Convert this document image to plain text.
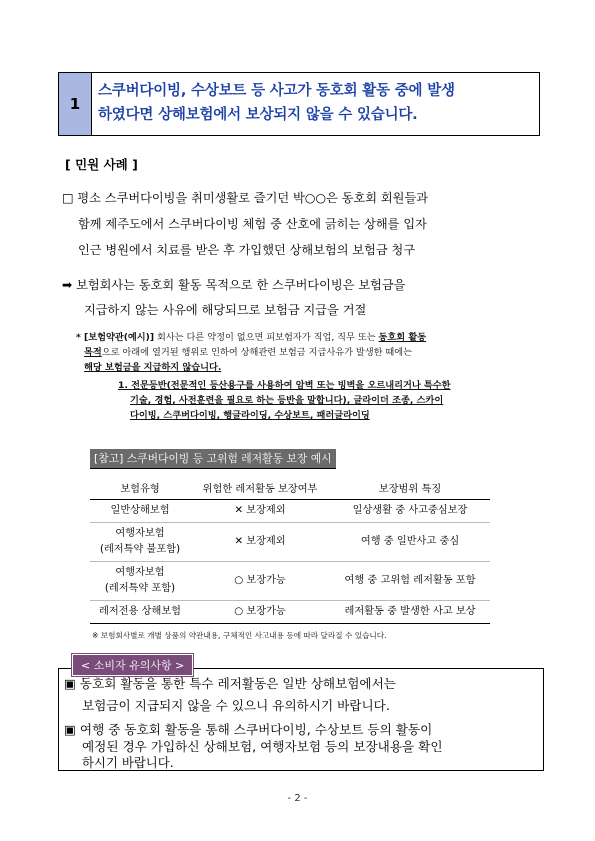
1
스쿠버다이빙, 수상보트 등 사고가 동호회 활동 중에 발생
하였다면 상해보험에서 보상되지 않을 수 있습니다.
[ 민원 사례 ]
□ 평소 스쿠버다이빙을 취미생활로 즐기던 박○○은 동호회 회원들과
함께 제주도에서 스쿠버다이빙 체험 중 산호에 긁히는 상해를 입자
인근 병원에서 치료를 받은 후 가입했던 상해보험의 보험금 청구
➡ 보험회사는 동호회 활동 목적으로 한 스쿠버다이빙은 보험금을
지급하지 않는 사유에 해당되므로 보험금 지급을 거절
* [보험약관(예시)] 회사는 다른 약정이 없으면 피보험자가 직업, 직무 또는 동호회 활동
목적으로 아래에 열거된 행위로 인하여 상해관련 보험금 지급사유가 발생한 때에는
해당 보험금을 지급하지 않습니다.
1. 전문등반(전문적인 등산용구를 사용하여 암벽 또는 빙벽을 오르내리거나 특수한
기술, 경험, 사전훈련을 필요로 하는 등반을 말합니다), 글라이더 조종, 스카이
다이빙, 스쿠버다이빙, 행글라이딩, 수상보트, 패러글라이딩
[참고] 스쿠버다이빙 등 고위험 레저활동 보장 예시
보험유형	위험한 레저활동 보장여부	보장범위 특징

일반상해보험	✕ 보장제외	일상생활 중 사고중심보장

여행자보험
(레저특약 불포함)	✕ 보장제외	여행 중 일반사고 중심

여행자보험
(레저특약 포함)	○ 보장가능	여행 중 고위험 레저활동 포함

레저전용 상해보험	○ 보장가능	레저활동 중 발생한 사고 보상
※ 보험회사별로 개별 상품의 약관내용, 구체적인 사고내용 등에 따라 달라질 수 있습니다.
< 소비자 유의사항 >
▣ 동호회 활동을 통한 특수 레저활동은 일반 상해보험에서는
보험금이 지급되지 않을 수 있으니 유의하시기 바랍니다.
▣ 여행 중 동호회 활동을 통해 스쿠버다이빙, 수상보트 등의 활동이
예정된 경우 가입하신 상해보험, 여행자보험 등의 보장내용을 확인
하시기 바랍니다.
- 2 -
